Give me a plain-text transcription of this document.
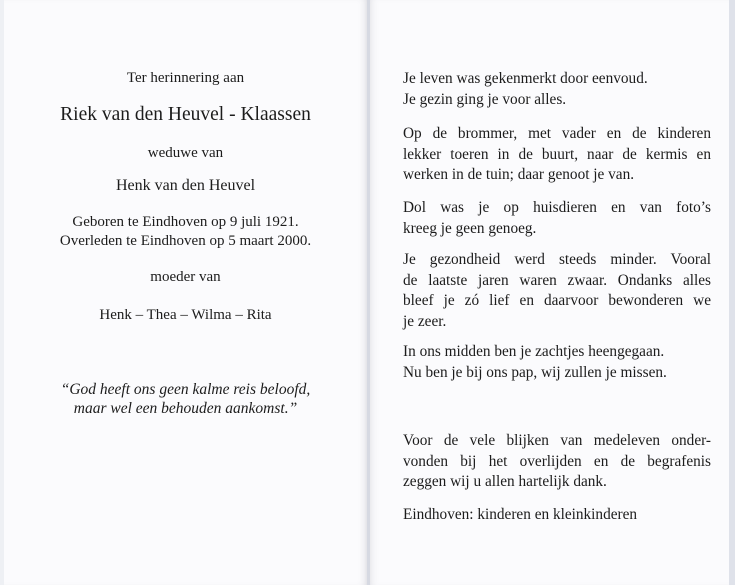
Ter herinnering aan

Riek van den Heuvel - Klaassen

weduwe van

Henk van den Heuvel

Geboren te Eindhoven op 9 juli 1921.

Overleden te Eindhoven op 5 maart 2000.

moeder van

Henk – Thea – Wilma – Rita

“God heeft ons geen kalme reis beloofd,

maar wel een behouden aankomst.”

Je leven was gekenmerkt door eenvoud.
Je gezin ging je voor alles.
Op de brommer, met vader en de kinderen
lekker toeren in de buurt, naar de kermis en
werken in de tuin; daar genoot je van.
Dol was je op huisdieren en van foto’s
kreeg je geen genoeg.
Je gezondheid werd steeds minder. Vooral
de laatste jaren waren zwaar. Ondanks alles
bleef je zó lief en daarvoor bewonderen we
je zeer.
In ons midden ben je zachtjes heengegaan.
Nu ben je bij ons pap, wij zullen je missen.
Voor de vele blijken van medeleven onder-
vonden bij het overlijden en de begrafenis
zeggen wij u allen hartelijk dank.
Eindhoven: kinderen en kleinkinderen
